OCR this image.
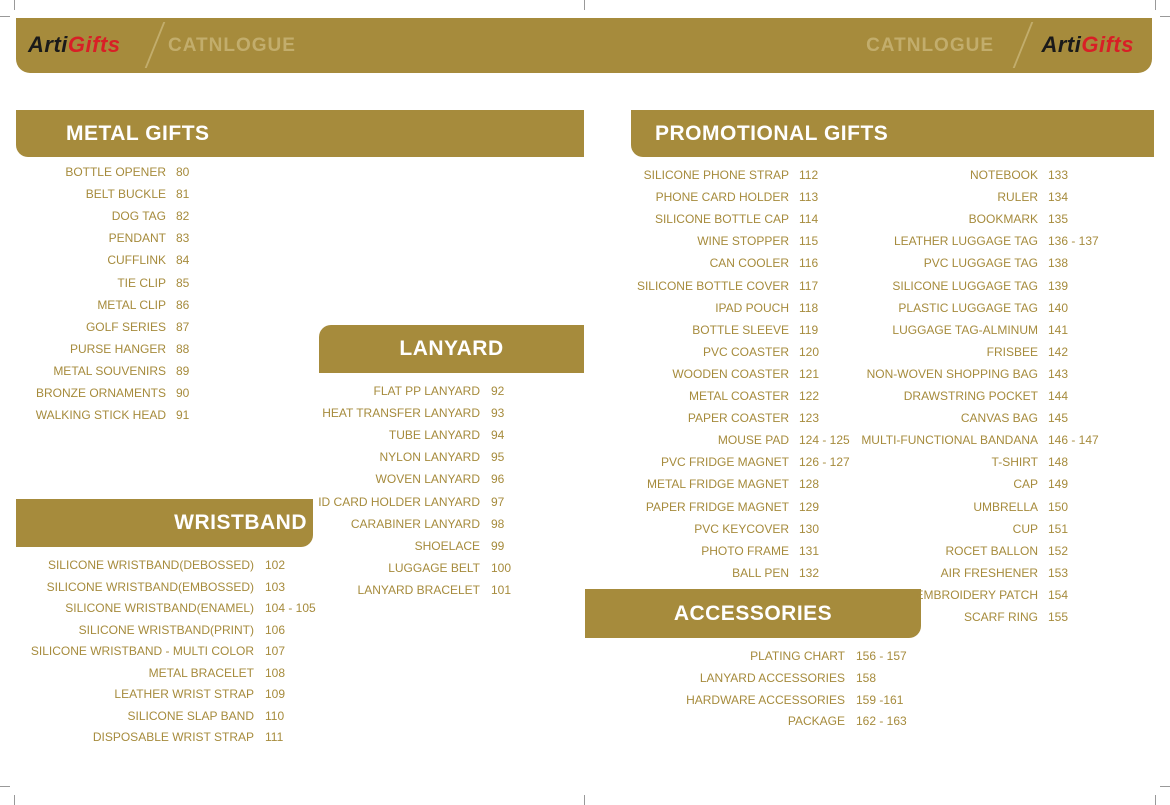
ArtiGifts CATNLOGUE	CATNLOGUE ArtiGifts
METAL GIFTS
LANYARD
WRISTBAND
PROMOTIONAL GIFTS
ACCESSORIES
BOTTLE OPENER 80
BELT BUCKLE 81
DOG TAG 82
PENDANT 83
CUFFLINK 84
TIE CLIP 85
METAL CLIP 86
GOLF SERIES 87
PURSE HANGER 88
METAL SOUVENIRS 89
BRONZE ORNAMENTS 90
WALKING STICK HEAD 91
FLAT PP LANYARD 92
HEAT TRANSFER LANYARD 93
TUBE LANYARD 94
NYLON LANYARD 95
WOVEN LANYARD 96
ID CARD HOLDER LANYARD 97
CARABINER LANYARD 98
SHOELACE 99
LUGGAGE BELT 100
LANYARD BRACELET 101
SILICONE WRISTBAND(DEBOSSED) 102
SILICONE WRISTBAND(EMBOSSED) 103
SILICONE WRISTBAND(ENAMEL) 104 - 105
SILICONE WRISTBAND(PRINT) 106
SILICONE WRISTBAND - MULTI COLOR 107
METAL BRACELET 108
LEATHER WRIST STRAP 109
SILICONE SLAP BAND 110
DISPOSABLE WRIST STRAP 111
SILICONE PHONE STRAP 112
PHONE CARD HOLDER 113
SILICONE BOTTLE CAP 114
WINE STOPPER 115
CAN COOLER 116
SILICONE BOTTLE COVER 117
IPAD POUCH 118
BOTTLE SLEEVE 119
PVC COASTER 120
WOODEN COASTER 121
METAL COASTER 122
PAPER COASTER 123
MOUSE PAD 124 - 125
PVC FRIDGE MAGNET 126 - 127
METAL FRIDGE MAGNET 128
PAPER FRIDGE MAGNET 129
PVC KEYCOVER 130
PHOTO FRAME 131
BALL PEN 132
NOTEBOOK 133
RULER 134
BOOKMARK 135
LEATHER LUGGAGE TAG 136 - 137
PVC LUGGAGE TAG 138
SILICONE LUGGAGE TAG 139
PLASTIC LUGGAGE TAG 140
LUGGAGE TAG-ALMINUM 141
FRISBEE 142
NON-WOVEN SHOPPING BAG 143
DRAWSTRING POCKET 144
CANVAS BAG 145
MULTI-FUNCTIONAL BANDANA 146 - 147
T-SHIRT 148
CAP 149
UMBRELLA 150
CUP 151
ROCET BALLON 152
AIR FRESHENER 153
EMBROIDERY PATCH 154
SCARF RING 155
PLATING CHART 156 - 157
LANYARD ACCESSORIES 158
HARDWARE ACCESSORIES 159 -161
PACKAGE 162 - 163
